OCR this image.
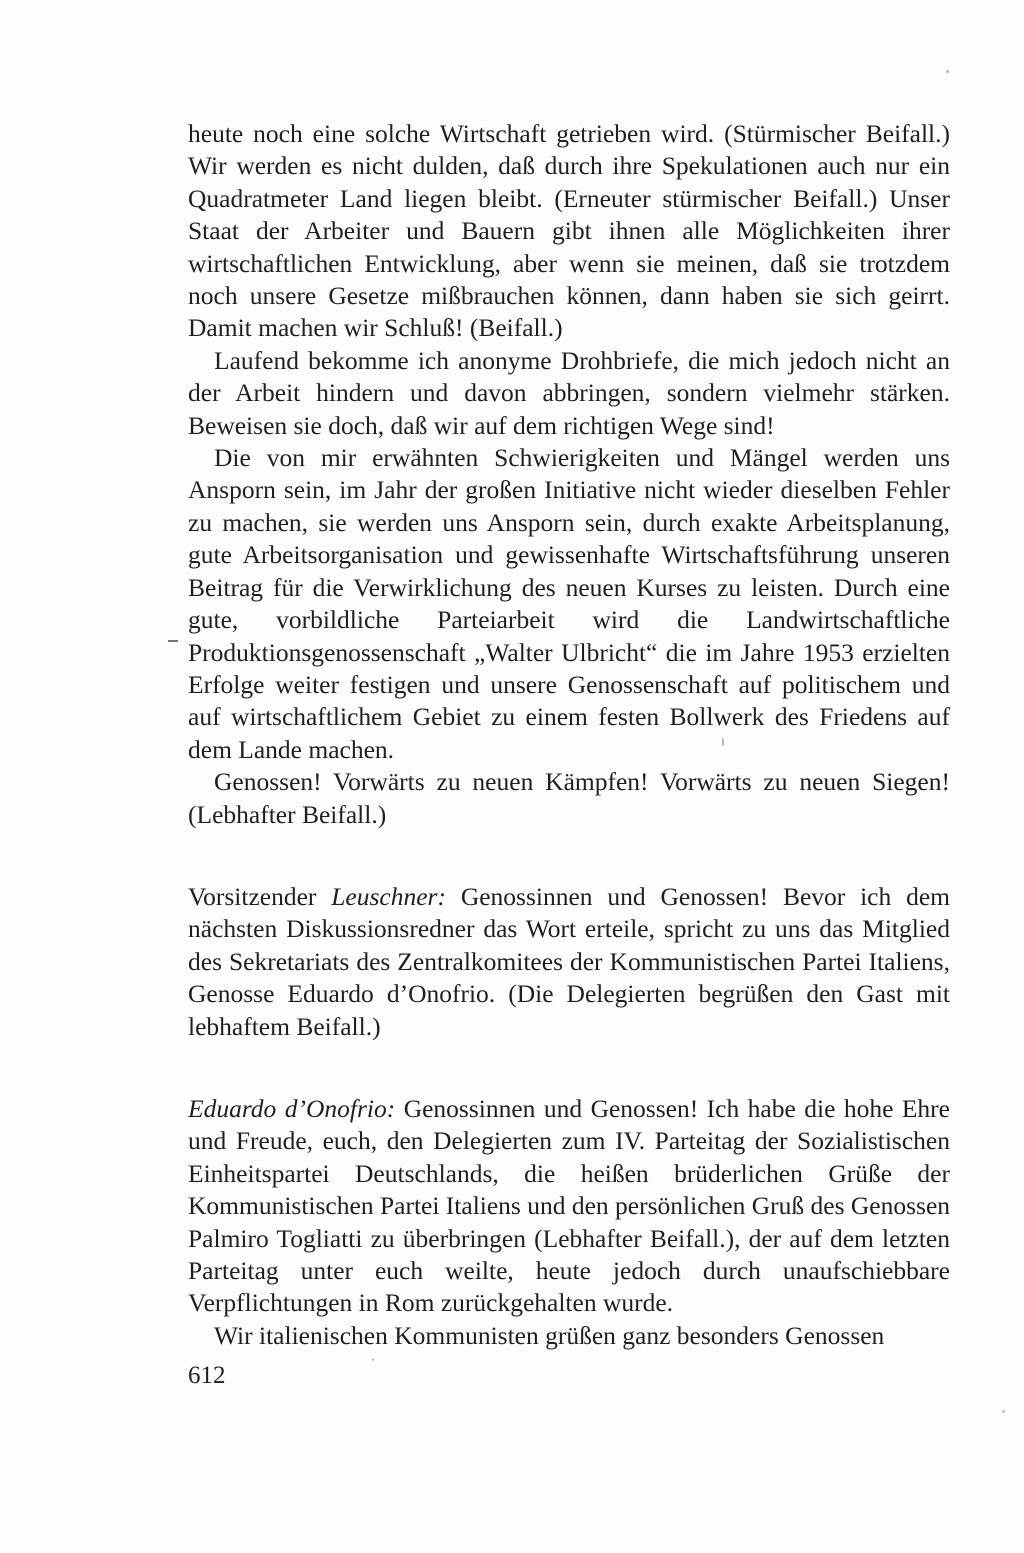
heute noch eine solche Wirtschaft getrieben wird. (Stürmischer Beifall.) Wir werden es nicht dulden, daß durch ihre Spekulationen auch nur ein Quadratmeter Land liegen bleibt. (Erneuter stürmischer Beifall.) Unser Staat der Arbeiter und Bauern gibt ihnen alle Möglichkeiten ihrer wirtschaftlichen Entwicklung, aber wenn sie meinen, daß sie trotzdem noch unsere Gesetze mißbrauchen können, dann haben sie sich geirrt. Damit machen wir Schluß! (Beifall.)

Laufend bekomme ich anonyme Drohbriefe, die mich jedoch nicht an der Arbeit hindern und davon abbringen, sondern vielmehr stärken. Beweisen sie doch, daß wir auf dem richtigen Wege sind!

Die von mir erwähnten Schwierigkeiten und Mängel werden uns Ansporn sein, im Jahr der großen Initiative nicht wieder dieselben Fehler zu machen, sie werden uns Ansporn sein, durch exakte Arbeitsplanung, gute Arbeitsorganisation und gewissenhafte Wirtschaftsführung unseren Beitrag für die Verwirklichung des neuen Kurses zu leisten. Durch eine gute, vorbildliche Parteiarbeit wird die Landwirtschaftliche Produktionsgenossenschaft „Walter Ulbricht“ die im Jahre 1953 erzielten Erfolge weiter festigen und unsere Genossenschaft auf politischem und auf wirtschaftlichem Gebiet zu einem festen Bollwerk des Friedens auf dem Lande machen.

Genossen! Vorwärts zu neuen Kämpfen! Vorwärts zu neuen Siegen! (Lebhafter Beifall.)

Vorsitzender Leuschner: Genossinnen und Genossen! Bevor ich dem nächsten Diskussionsredner das Wort erteile, spricht zu uns das Mitglied des Sekretariats des Zentralkomitees der Kommunistischen Partei Italiens, Genosse Eduardo d’Onofrio. (Die Delegierten begrüßen den Gast mit lebhaftem Beifall.)

Eduardo d’Onofrio: Genossinnen und Genossen! Ich habe die hohe Ehre und Freude, euch, den Delegierten zum IV. Parteitag der Sozialistischen Einheitspartei Deutschlands, die heißen brüderlichen Grüße der Kommunistischen Partei Italiens und den persönlichen Gruß des Genossen Palmiro Togliatti zu überbringen (Lebhafter Beifall.), der auf dem letzten Parteitag unter euch weilte, heute jedoch durch unaufschiebbare Verpflichtungen in Rom zurückgehalten wurde.

Wir italienischen Kommunisten grüßen ganz besonders Genossen

612
